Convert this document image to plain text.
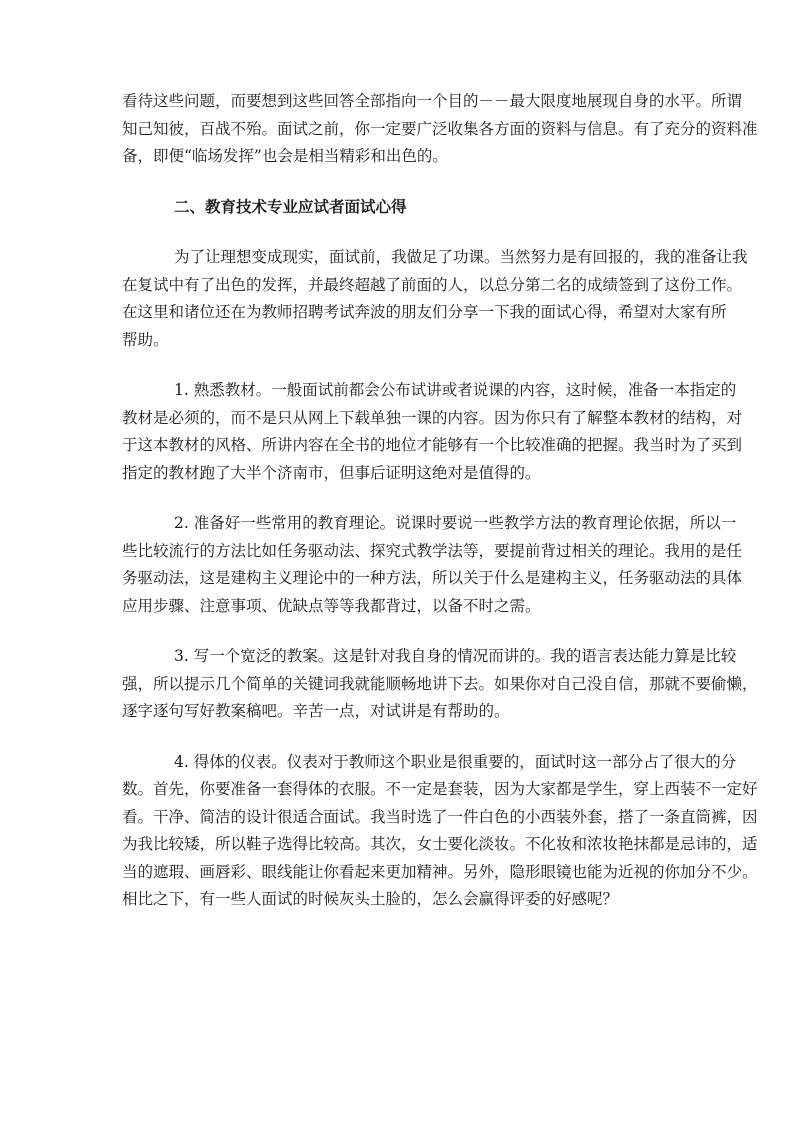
看待这些问题，而要想到这些回答全部指向一个目的－－最大限度地展现自身的水平。所谓
知己知彼，百战不殆。面试之前，你一定要广泛收集各方面的资料与信息。有了充分的资料准
备，即便“临场发挥”也会是相当精彩和出色的。

二、教育技术专业应试者面试心得

为了让理想变成现实，面试前，我做足了功课。当然努力是有回报的，我的准备让我
在复试中有了出色的发挥，并最终超越了前面的人，以总分第二名的成绩签到了这份工作。
在这里和诸位还在为教师招聘考试奔波的朋友们分享一下我的面试心得，希望对大家有所
帮助。

1. 熟悉教材。一般面试前都会公布试讲或者说课的内容，这时候，准备一本指定的
教材是必须的，而不是只从网上下载单独一课的内容。因为你只有了解整本教材的结构，对
于这本教材的风格、所讲内容在全书的地位才能够有一个比较准确的把握。我当时为了买到
指定的教材跑了大半个济南市，但事后证明这绝对是值得的。

2. 准备好一些常用的教育理论。说课时要说一些教学方法的教育理论依据，所以一
些比较流行的方法比如任务驱动法、探究式教学法等，要提前背过相关的理论。我用的是任
务驱动法，这是建构主义理论中的一种方法，所以关于什么是建构主义，任务驱动法的具体
应用步骤、注意事项、优缺点等等我都背过，以备不时之需。

3. 写一个宽泛的教案。这是针对我自身的情况而讲的。我的语言表达能力算是比较
强，所以提示几个简单的关键词我就能顺畅地讲下去。如果你对自己没自信，那就不要偷懒，
逐字逐句写好教案稿吧。辛苦一点，对试讲是有帮助的。

4. 得体的仪表。仪表对于教师这个职业是很重要的，面试时这一部分占了很大的分
数。首先，你要准备一套得体的衣服。不一定是套装，因为大家都是学生，穿上西装不一定好
看。干净、简洁的设计很适合面试。我当时选了一件白色的小西装外套，搭了一条直筒裤，因
为我比较矮，所以鞋子选得比较高。其次，女士要化淡妆。不化妆和浓妆艳抹都是忌讳的，适
当的遮瑕、画唇彩、眼线能让你看起来更加精神。另外，隐形眼镜也能为近视的你加分不少。
相比之下，有一些人面试的时候灰头土脸的，怎么会赢得评委的好感呢？
